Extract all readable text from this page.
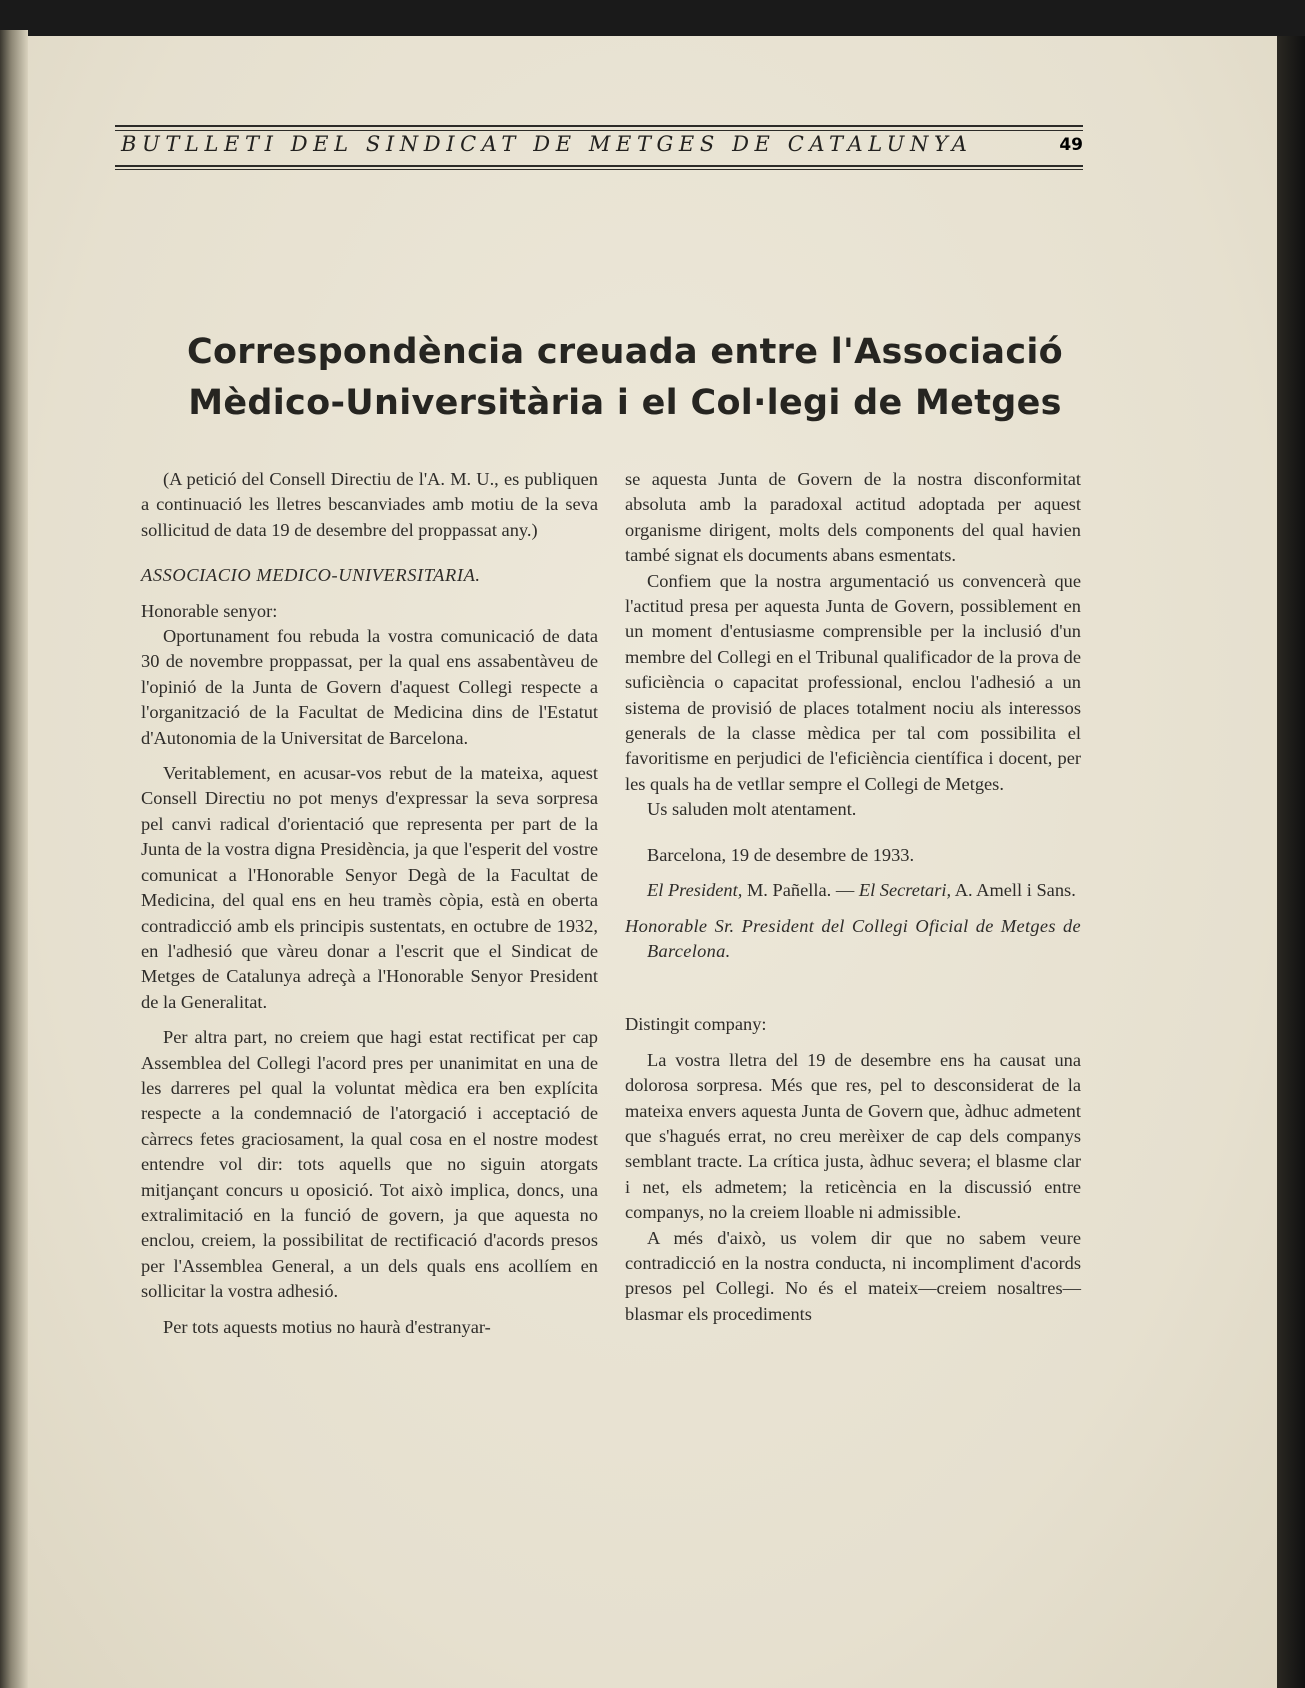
BUTLLETI DEL SINDICAT DE METGES DE CATALUNYA	49
Correspondència creuada entre l'Associació
Mèdico-Universitària i el Col·legi de Metges

(A petició del Consell Directiu de l'A. M. U., es publiquen a continuació les lletres bescanviades amb motiu de la seva sollicitud de data 19 de desembre del proppassat any.)

ASSOCIACIO MEDICO-UNIVERSITARIA.

Honorable senyor:

Oportunament fou rebuda la vostra comunicació de data 30 de novembre proppassat, per la qual ens assabentàveu de l'opinió de la Junta de Govern d'aquest Collegi respecte a l'organització de la Facultat de Medicina dins de l'Estatut d'Autonomia de la Universitat de Barcelona.

Veritablement, en acusar-vos rebut de la mateixa, aquest Consell Directiu no pot menys d'expressar la seva sorpresa pel canvi radical d'orientació que representa per part de la Junta de la vostra digna Presidència, ja que l'esperit del vostre comunicat a l'Honorable Senyor Degà de la Facultat de Medicina, del qual ens en heu tramès còpia, està en oberta contradicció amb els principis sustentats, en octubre de 1932, en l'adhesió que vàreu donar a l'escrit que el Sindicat de Metges de Catalunya adreçà a l'Honorable Senyor President de la Generalitat.

Per altra part, no creiem que hagi estat rectificat per cap Assemblea del Collegi l'acord pres per unanimitat en una de les darreres pel qual la voluntat mèdica era ben explícita respecte a la condemnació de l'atorgació i acceptació de càrrecs fetes graciosament, la qual cosa en el nostre modest entendre vol dir: tots aquells que no siguin atorgats mitjançant concurs u oposició. Tot això implica, doncs, una extralimitació en la funció de govern, ja que aquesta no enclou, creiem, la possibilitat de rectificació d'acords presos per l'Assemblea General, a un dels quals ens acollíem en sollicitar la vostra adhesió.

Per tots aquests motius no haurà d'estranyar-

se aquesta Junta de Govern de la nostra disconformitat absoluta amb la paradoxal actitud adoptada per aquest organisme dirigent, molts dels components del qual havien també signat els documents abans esmentats.

Confiem que la nostra argumentació us convencerà que l'actitud presa per aquesta Junta de Govern, possiblement en un moment d'entusiasme comprensible per la inclusió d'un membre del Collegi en el Tribunal qualificador de la prova de suficiència o capacitat professional, enclou l'adhesió a un sistema de provisió de places totalment nociu als interessos generals de la classe mèdica per tal com possibilita el favoritisme en perjudici de l'eficiència científica i docent, per les quals ha de vetllar sempre el Collegi de Metges.

Us saluden molt atentament.

Barcelona, 19 de desembre de 1933.

El President, M. Pañella. — El Secretari, A. Amell i Sans.

Honorable Sr. President del Collegi Oficial de Metges de Barcelona.

Distingit company:

La vostra lletra del 19 de desembre ens ha causat una dolorosa sorpresa. Més que res, pel to desconsiderat de la mateixa envers aquesta Junta de Govern que, àdhuc admetent que s'hagués errat, no creu merèixer de cap dels companys semblant tracte. La crítica justa, àdhuc severa; el blasme clar i net, els admetem; la reticència en la discussió entre companys, no la creiem lloable ni admissible.

A més d'això, us volem dir que no sabem veure contradicció en la nostra conducta, ni incompliment d'acords presos pel Collegi. No és el mateix—creiem nosaltres—blasmar els procediments
